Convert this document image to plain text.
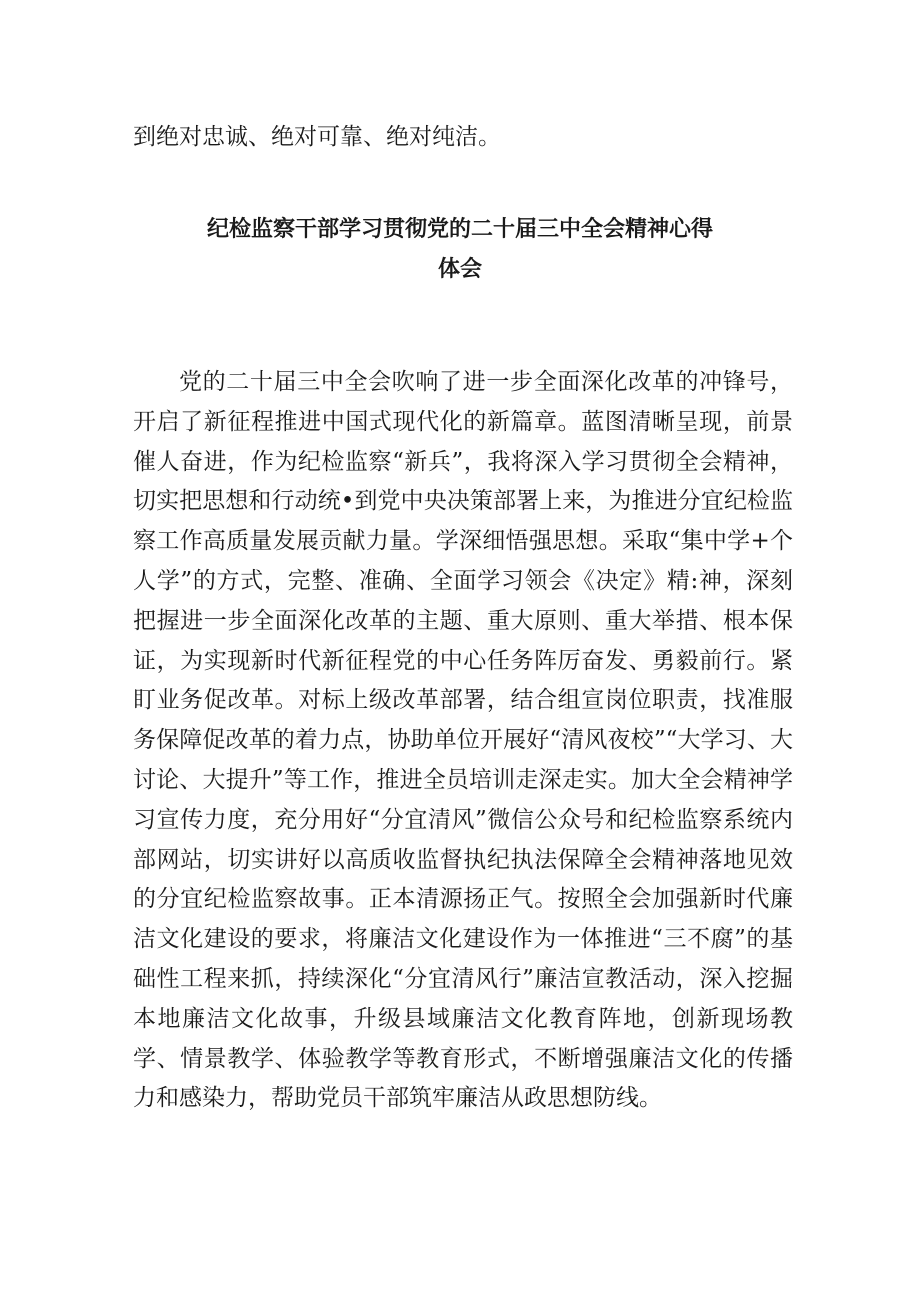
到绝对忠诚、绝对可靠、绝对纯洁。
纪检监察干部学习贯彻党的二十届三中全会精神心得
体会

党的二十届三中全会吹响了进一步全面深化改革的冲锋号，开启了新征程推进中国式现代化的新篇章。蓝图清晰呈现，前景催人奋进，作为纪检监察“新兵”，我将深入学习贯彻全会精神，切实把思想和行动统•到党中央决策部署上来，为推进分宜纪检监察工作高质量发展贡献力量。学深细悟强思想。采取“集中学+个人学”的方式，完整、准确、全面学习领会《决定》精:神，深刻把握进一步全面深化改革的主题、重大原则、重大举措、根本保证，为实现新时代新征程党的中心任务阵厉奋发、勇毅前行。紧盯业务促改革。对标上级改革部署，结合组宣岗位职责，找准服务保障促改革的着力点，协助单位开展好“清风夜校”“大学习、大讨论、大提升”等工作，推进全员培训走深走实。加大全会精神学习宣传力度，充分用好“分宜清风”微信公众号和纪检监察系统内部网站，切实讲好以高质收监督执纪执法保障全会精神落地见效的分宜纪检监察故事。正本清源扬正气。按照全会加强新时代廉洁文化建设的要求，将廉洁文化建设作为一体推进“三不腐”的基础性工程来抓，持续深化“分宜清风行”廉洁宣教活动，深入挖掘本地廉洁文化故事，升级县域廉洁文化教育阵地，创新现场教学、情景教学、体验教学等教育形式，不断增强廉洁文化的传播力和感染力，帮助党员干部筑牢廉洁从政思想防线。
